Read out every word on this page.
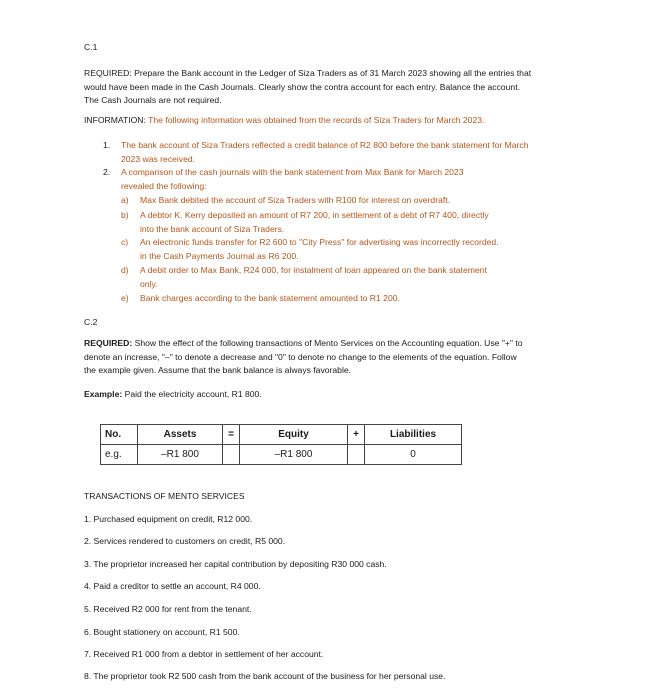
C.1
REQUIRED: Prepare the Bank account in the Ledger of Siza Traders as of 31 March 2023 showing all the entries that
would have been made in the Cash Journals. Clearly show the contra account for each entry. Balance the account.
The Cash Journals are not required.
INFORMATION: The following information was obtained from the records of Siza Traders for March 2023.
1. The bank account of Siza Traders reflected a credit balance of R2 800 before the bank statement for March
2023 was received.
2. A comparison of the cash journals with the bank statement from Max Bank for March 2023
revealed the following:
a) Max Bank debited the account of Siza Traders with R100 for interest on overdraft.
b) A debtor K. Kerry deposited an amount of R7 200, in settlement of a debt of R7 400, directly
into the bank account of Siza Traders.
c) An electronic funds transfer for R2 600 to "City Press" for advertising was incorrectly recorded.
in the Cash Payments Journal as R6 200.
d) A debit order to Max Bank, R24 000, for instalment of loan appeared on the bank statement
only.
e) Bank charges according to the bank statement amounted to R1 200.
C.2
REQUIRED: Show the effect of the following transactions of Mento Services on the Accounting equation. Use "+" to
denote an increase, "–" to denote a decrease and "0" to denote no change to the elements of the equation. Follow
the example given. Assume that the bank balance is always favorable.
Example: Paid the electricity account, R1 800.
No.	Assets	=	Equity	+	Liabilities
e.g.	–R1 800		–R1 800		0
TRANSACTIONS OF MENTO SERVICES
1. Purchased equipment on credit, R12 000.
2. Services rendered to customers on credit, R5 000.
3. The proprietor increased her capital contribution by depositing R30 000 cash.
4. Paid a creditor to settle an account, R4 000.
5. Received R2 000 for rent from the tenant.
6. Bought stationery on account, R1 500.
7. Received R1 000 from a debtor in settlement of her account.
8. The proprietor took R2 500 cash from the bank account of the business for her personal use.
